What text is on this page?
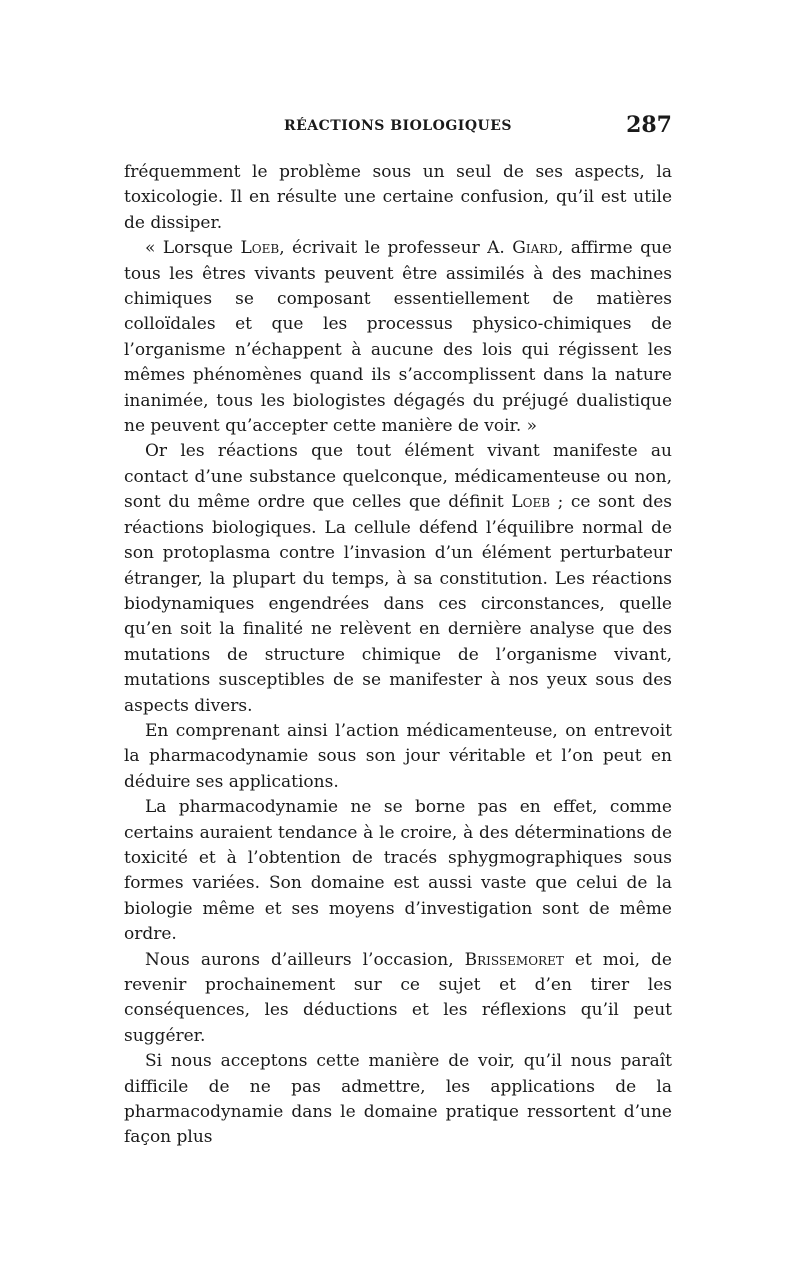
RÉACTIONS BIOLOGIQUES	287

fréquemment le problème sous un seul de ses aspects, la toxicologie. Il en résulte une certaine confusion, qu’il est utile de dissiper.

« Lorsque Loeb, écrivait le professeur A. Giard, affirme que tous les êtres vivants peuvent être assimilés à des machines chimiques se composant essentiellement de matières colloïdales et que les processus physico-chimiques de l’organisme n’échappent à aucune des lois qui régissent les mêmes phénomènes quand ils s’accomplissent dans la nature inanimée, tous les biologistes dégagés du préjugé dualistique ne peuvent qu’accepter cette manière de voir. »

Or les réactions que tout élément vivant manifeste au contact d’une substance quelconque, médicamenteuse ou non, sont du même ordre que celles que définit Loeb ; ce sont des réactions biologiques. La cellule défend l’équilibre normal de son protoplasma contre l’invasion d’un élément perturbateur étranger, la plupart du temps, à sa constitution. Les réactions biodynamiques engendrées dans ces circonstances, quelle qu’en soit la finalité ne relèvent en dernière analyse que des mutations de structure chimique de l’organisme vivant, mutations susceptibles de se manifester à nos yeux sous des aspects divers.

En comprenant ainsi l’action médicamenteuse, on entrevoit la pharmacodynamie sous son jour véritable et l’on peut en déduire ses applications.

La pharmacodynamie ne se borne pas en effet, comme certains auraient tendance à le croire, à des déterminations de toxicité et à l’obtention de tracés sphygmographiques sous formes variées. Son domaine est aussi vaste que celui de la biologie même et ses moyens d’investigation sont de même ordre.

Nous aurons d’ailleurs l’occasion, Brissemoret et moi, de revenir prochainement sur ce sujet et d’en tirer les conséquences, les déductions et les réflexions qu’il peut suggérer.

Si nous acceptons cette manière de voir, qu’il nous paraît difficile de ne pas admettre, les applications de la pharmacodynamie dans le domaine pratique ressortent d’une façon plus
